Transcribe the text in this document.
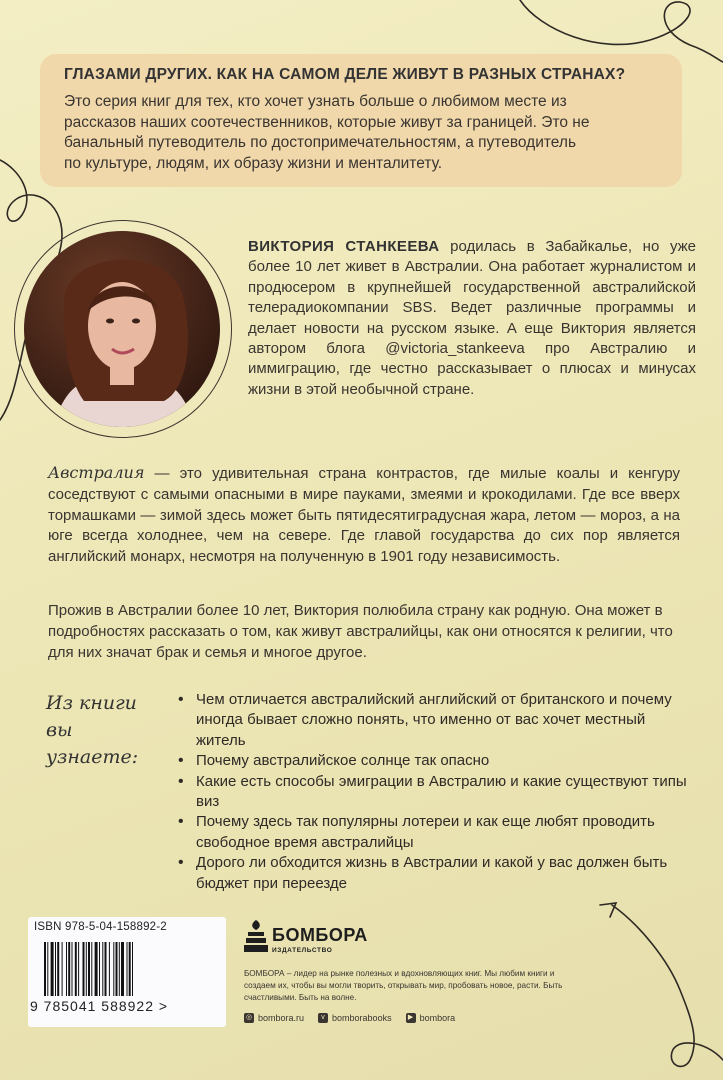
ГЛАЗАМИ ДРУГИХ. КАК НА САМОМ ДЕЛЕ ЖИВУТ В РАЗНЫХ СТРАНАХ?
Это серия книг для тех, кто хочет узнать больше о любимом месте из
рассказов наших соотечественников, которые живут за границей. Это не
банальный путеводитель по достопримечательностям, а путеводитель
по культуре, людям, их образу жизни и менталитету.
ВИКТОРИЯ СТАНКЕЕВА родилась в Забайкалье, но уже более 10 лет живет в Австралии. Она работает журналистом и продюсером в крупнейшей государственной австралийской телерадиокомпании SBS. Ведет различные программы и делает новости на русском языке. А еще Виктория является автором блога @victoria_stankeeva про Австралию и иммиграцию, где честно рассказывает о плюсах и минусах жизни в этой необычной стране.
Австралия — это удивительная страна контрастов, где милые коалы и кенгуру соседствуют с самыми опасными в мире пауками, змеями и крокодилами. Где все вверх тормашками — зимой здесь может быть пятидесятиградусная жара, летом — мороз, а на юге всегда холоднее, чем на севере. Где главой государства до сих пор является английский монарх, несмотря на полученную в 1901 году независимость.
Прожив в Австралии более 10 лет, Виктория полюбила страну как родную. Она может в подробностях рассказать о том, как живут австралийцы, как они относятся к религии, что для них значат брак и семья и многое другое.
Из книги
вы узнаете:
• Чем отличается австралийский английский от британского и почему иногда бывает сложно понять, что именно от вас хочет местный житель
• Почему австралийское солнце так опасно
• Какие есть способы эмиграции в Австралию и какие существуют типы виз
• Почему здесь так популярны лотереи и как еще любят проводить свободное время австралийцы
• Дорого ли обходится жизнь в Австралии и какой у вас должен быть бюджет при переезде
ISBN 978-5-04-158892-2
9 785041 588922 >
БОМБОРА
ИЗДАТЕЛЬСТВО
БОМБОРА – лидер на рынке полезных и вдохновляющих книг. Мы любим книги и создаем их, чтобы вы могли творить, открывать мир, пробовать новое, расти. Быть счастливыми. Быть на волне.
◎ bombora.ru	v bomborabooks	▶ bombora
